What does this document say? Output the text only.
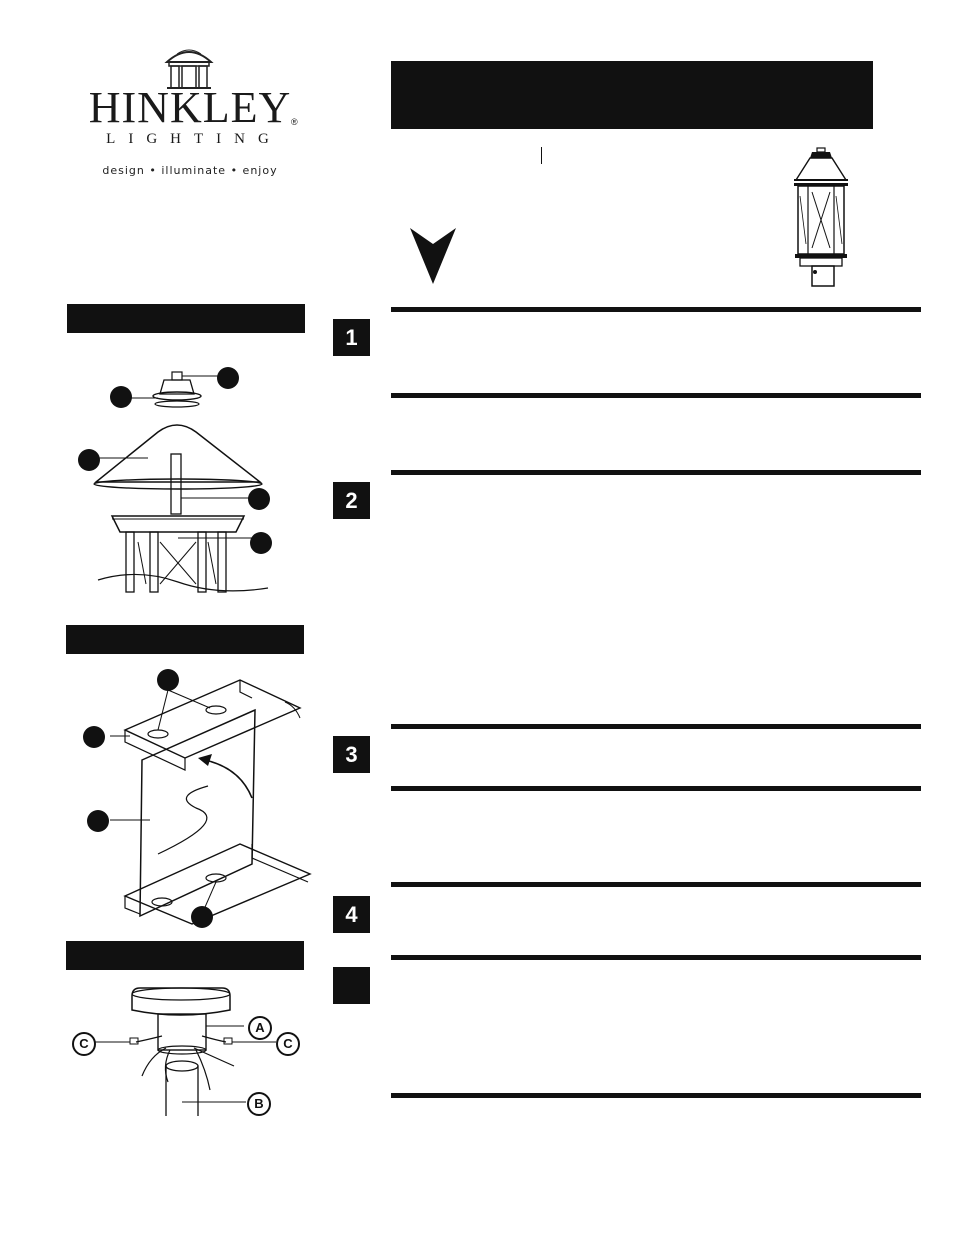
HINKLEY ®
LIGHTING
design • illuminate • enjoy
A
C	C
B
1
2
3
4
